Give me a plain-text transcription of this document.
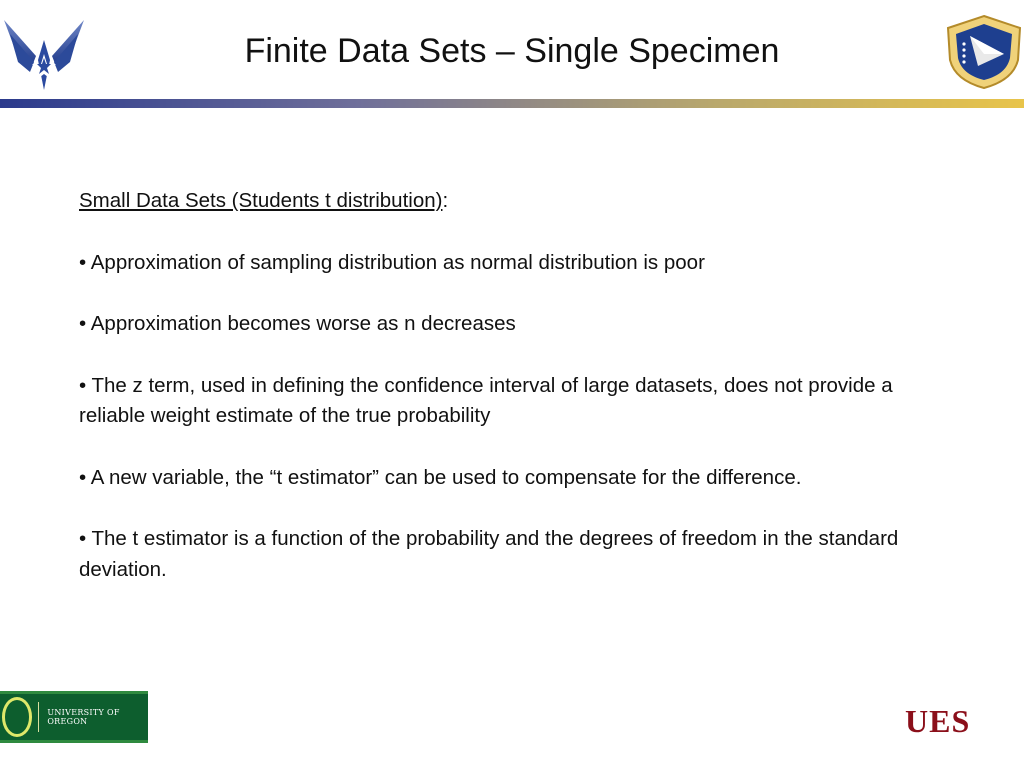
Finite Data Sets – Single Specimen

Small Data Sets (Students t distribution):

• Approximation of sampling distribution as normal distribution is poor

• Approximation becomes worse as n decreases

• The z term, used in defining the confidence interval of large datasets, does not provide a reliable weight estimate of the true probability

• A new variable, the “t estimator” can be used to compensate for the difference.

• The t estimator is a function of the probability and the degrees of freedom in the standard deviation.

UNIVERSITY OF OREGON	UES
